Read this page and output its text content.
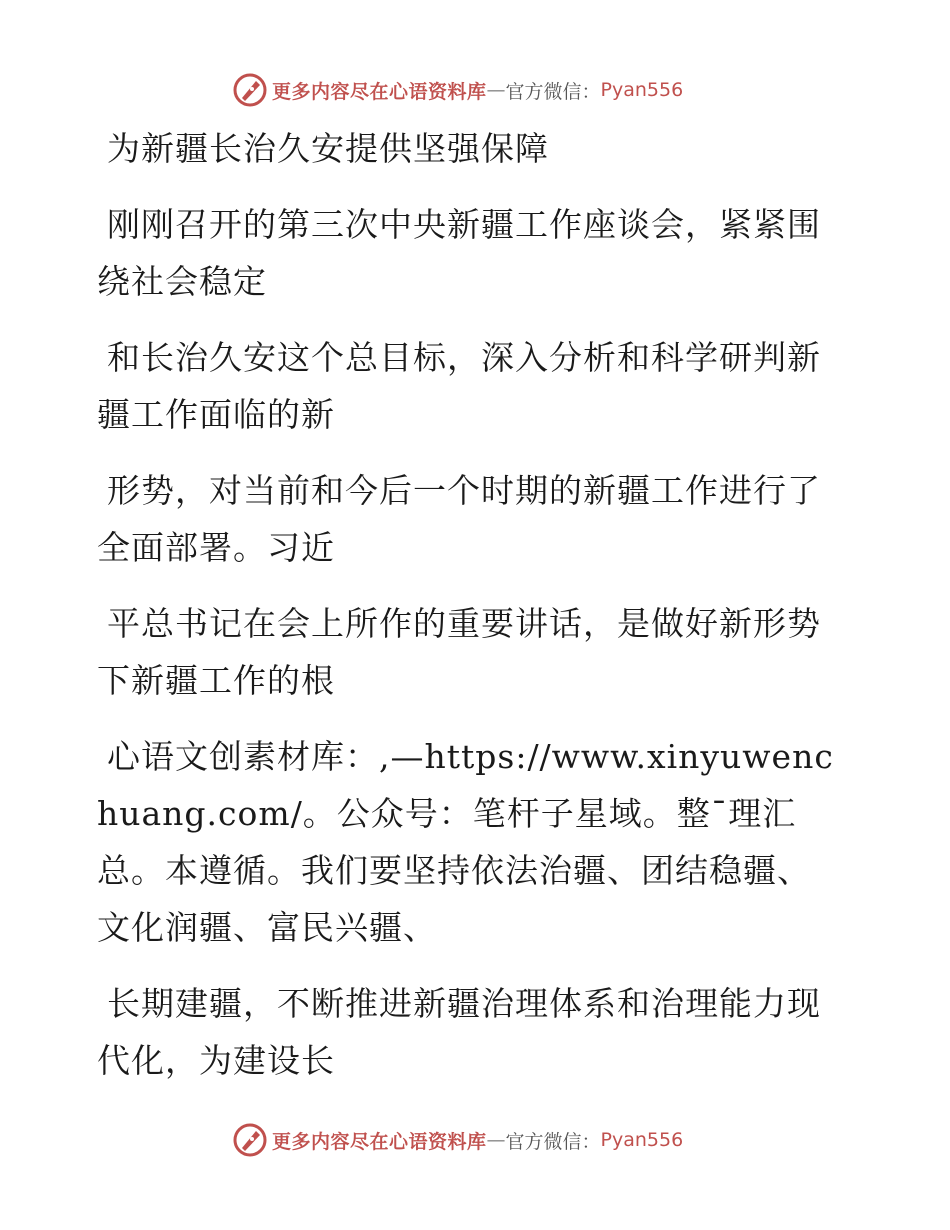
更多内容尽在心语资料库 — 官方微信： Pyan556

为新疆长治久安提供坚强保障

刚刚召开的第三次中央新疆工作座谈会，紧紧围绕社会稳定

和长治久安这个总目标，深入分析和科学研判新疆工作面临的新

形势，对当前和今后一个时期的新疆工作进行了全面部署。习近

平总书记在会上所作的重要讲话，是做好新形势下新疆工作的根

心语文创素材库：,—https://www.xinyuwenchuang.com/。公众号：笔杆子星域。整¯理汇总。本遵循。我们要坚持依法治疆、团结稳疆、文化润疆、富民兴疆、

长期建疆，不断推进新疆治理体系和治理能力现代化，为建设长

更多内容尽在心语资料库 — 官方微信： Pyan556
